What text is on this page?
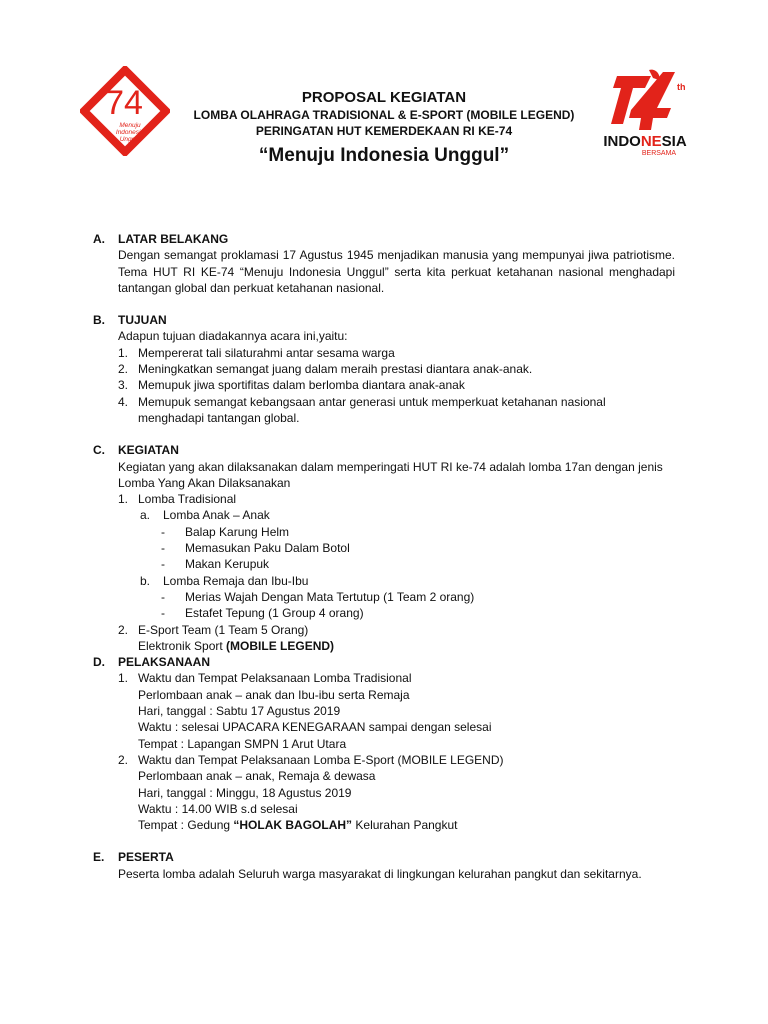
74
Menuju
Indonesia
Unggul
PROPOSAL KEGIATAN
LOMBA OLAHRAGA TRADISIONAL & E-SPORT (MOBILE LEGEND)
PERINGATAN HUT KEMERDEKAAN RI KE-74
“Menuju Indonesia Unggul”
th
INDONESIA
BERSAMA
A. LATAR BELAKANG
Dengan semangat proklamasi 17 Agustus 1945 menjadikan manusia yang mempunyai jiwa patriotisme. Tema HUT RI KE-74 “Menuju Indonesia Unggul” serta kita perkuat ketahanan nasional menghadapi tantangan global dan perkuat ketahanan nasional.
B. TUJUAN
Adapun tujuan diadakannya acara ini,yaitu:
1. Mempererat tali silaturahmi antar sesama warga
2. Meningkatkan semangat juang dalam meraih prestasi diantara anak-anak.
3. Memupuk jiwa sportifitas dalam berlomba diantara anak-anak
4. Memupuk semangat kebangsaan antar generasi untuk memperkuat ketahanan nasional menghadapi tantangan global.
C. KEGIATAN
Kegiatan yang akan dilaksanakan dalam memperingati HUT RI ke-74 adalah lomba 17an dengan jenis Lomba Yang Akan Dilaksanakan
1. Lomba Tradisional
a. Lomba Anak – Anak
- Balap Karung Helm
- Memasukan Paku Dalam Botol
- Makan Kerupuk
b. Lomba Remaja dan Ibu-Ibu
- Merias Wajah Dengan Mata Tertutup (1 Team 2 orang)
- Estafet Tepung (1 Group 4 orang)
2. E-Sport Team (1 Team 5 Orang)
Elektronik Sport (MOBILE LEGEND)
D. PELAKSANAAN
1. Waktu dan Tempat Pelaksanaan Lomba Tradisional
Perlombaan anak – anak dan Ibu-ibu serta Remaja
Hari, tanggal : Sabtu 17 Agustus 2019
Waktu : selesai UPACARA KENEGARAAN sampai dengan selesai
Tempat : Lapangan SMPN 1 Arut Utara
2. Waktu dan Tempat Pelaksanaan Lomba E-Sport (MOBILE LEGEND)
Perlombaan anak – anak, Remaja & dewasa
Hari, tanggal : Minggu, 18 Agustus 2019
Waktu : 14.00 WIB s.d selesai
Tempat : Gedung “HOLAK BAGOLAH” Kelurahan Pangkut
E. PESERTA
Peserta lomba adalah Seluruh warga masyarakat di lingkungan kelurahan pangkut dan sekitarnya.
